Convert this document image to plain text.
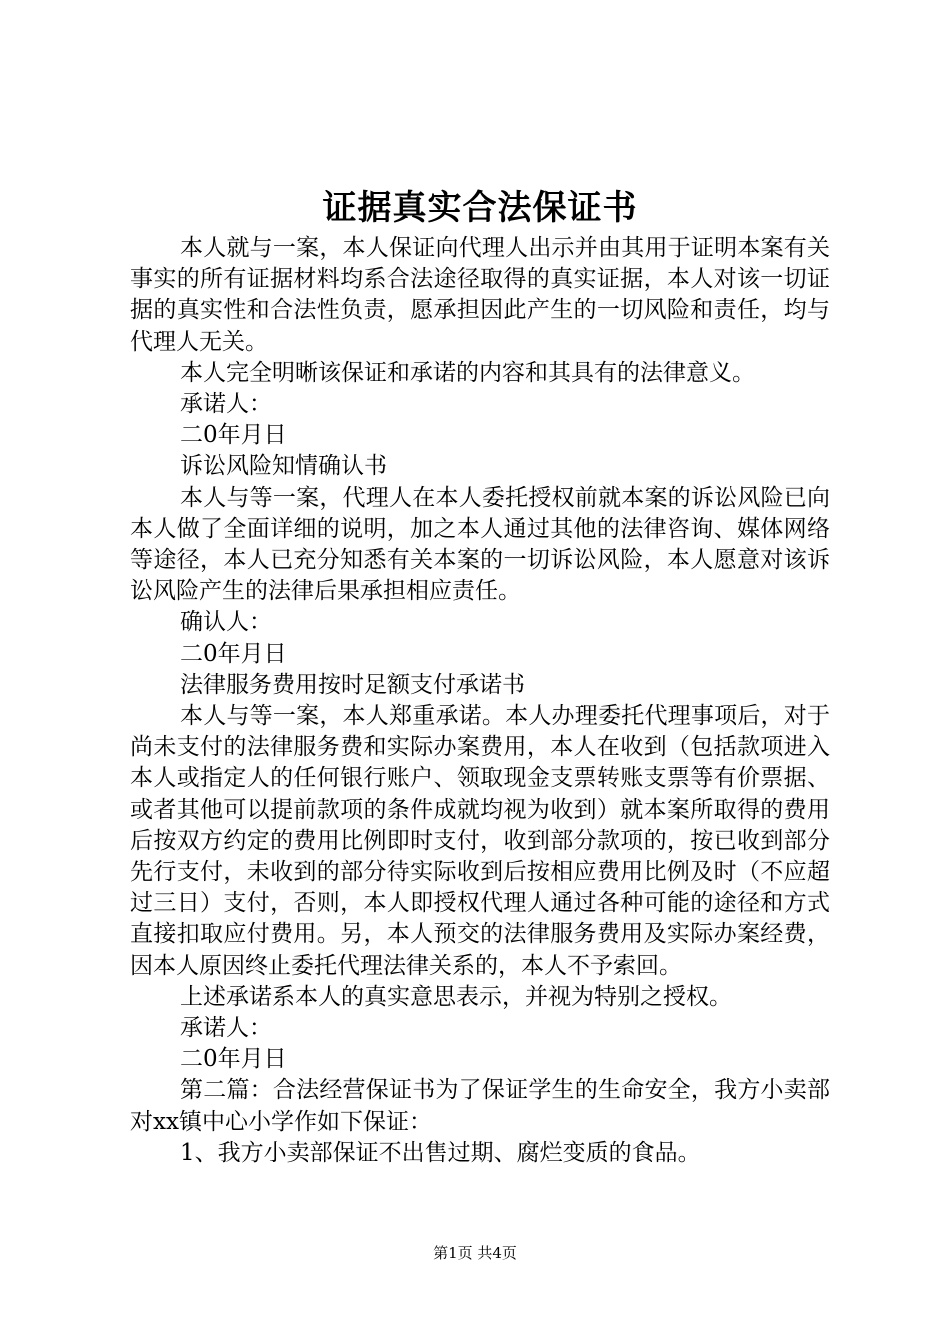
证据真实合法保证书

本人就与一案，本人保证向代理人出示并由其用于证明本案有关事实的所有证据材料均系合法途径取得的真实证据，本人对该一切证据的真实性和合法性负责，愿承担因此产生的一切风险和责任，均与代理人无关。

本人完全明晰该保证和承诺的内容和其具有的法律意义。

承诺人：

二0年月日

诉讼风险知情确认书

本人与等一案，代理人在本人委托授权前就本案的诉讼风险已向本人做了全面详细的说明，加之本人通过其他的法律咨询、媒体网络等途径，本人已充分知悉有关本案的一切诉讼风险，本人愿意对该诉讼风险产生的法律后果承担相应责任。

确认人：

二0年月日

法律服务费用按时足额支付承诺书

本人与等一案，本人郑重承诺。本人办理委托代理事项后，对于尚未支付的法律服务费和实际办案费用，本人在收到（包括款项进入本人或指定人的任何银行账户、领取现金支票转账支票等有价票据、或者其他可以提前款项的条件成就均视为收到）就本案所取得的费用后按双方约定的费用比例即时支付，收到部分款项的，按已收到部分先行支付，未收到的部分待实际收到后按相应费用比例及时（不应超过三日）支付，否则，本人即授权代理人通过各种可能的途径和方式直接扣取应付费用。另，本人预交的法律服务费用及实际办案经费，因本人原因终止委托代理法律关系的，本人不予索回。

上述承诺系本人的真实意思表示，并视为特别之授权。

承诺人：

二0年月日

第二篇：合法经营保证书为了保证学生的生命安全，我方小卖部对xx镇中心小学作如下保证：

1、我方小卖部保证不出售过期、腐烂变质的食品。

第1页 共4页
